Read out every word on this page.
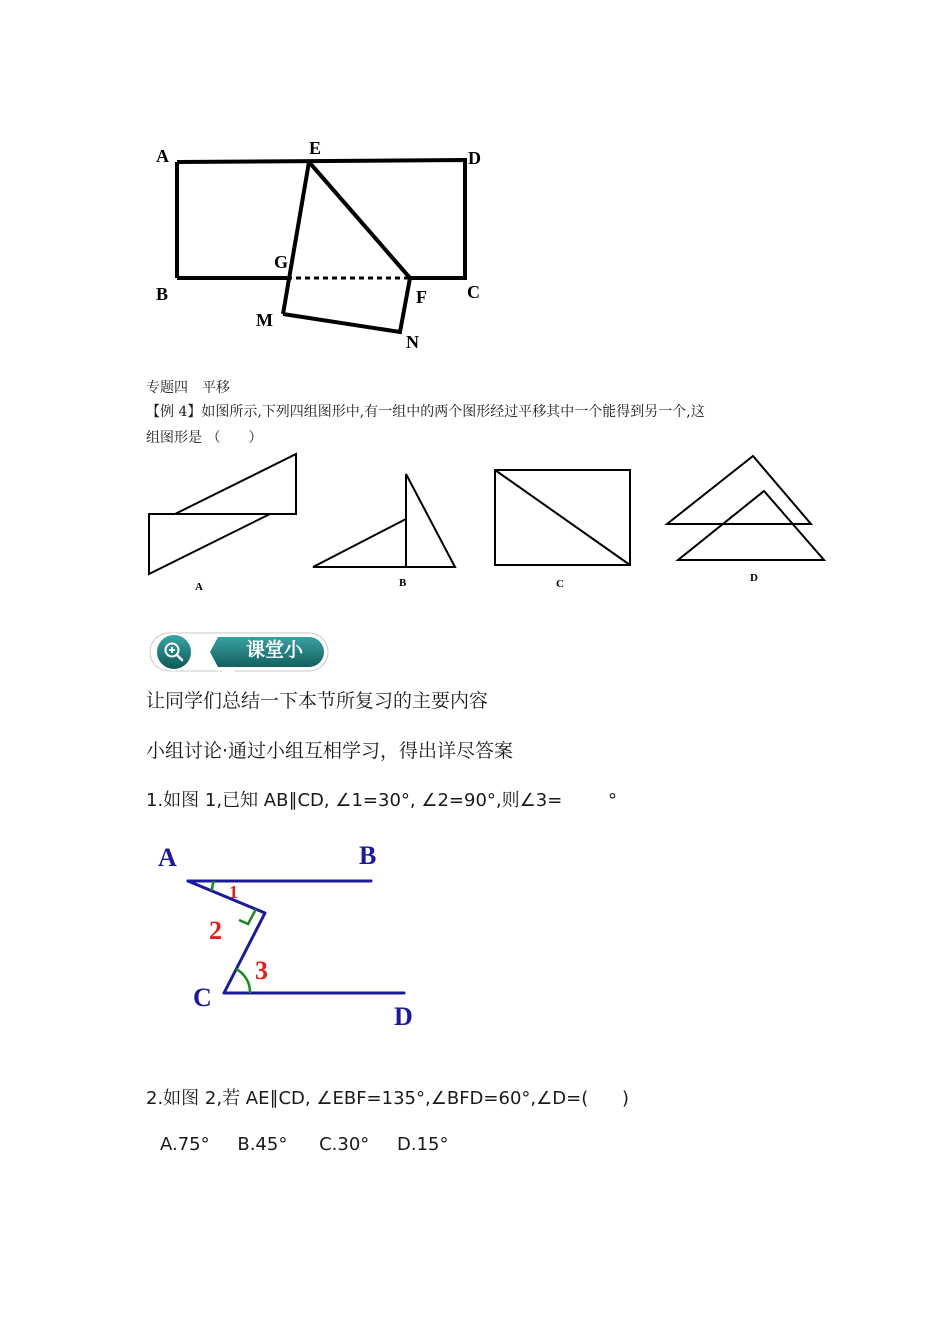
A	E	D
G
B	F C
M
N
专题四　平移
【例 4】如图所示,下列四组图形中,有一组中的两个图形经过平移其中一个能得到另一个,这
组图形是 （　　）
A	B	C	D
课堂小
结
让同学们总结一下本节所复习的主要内容
小组讨论·通过小组互相学习，得出详尽答案
1.如图 1,已知 AB∥CD, ∠1=30°, ∠2=90°,则∠3=	°
A	B
C
D
1
2
3
2.如图 2,若 AE∥CD, ∠EBF=135°,∠BFD=60°,∠D=( )
A.75° B.45° C.30° D.15°
